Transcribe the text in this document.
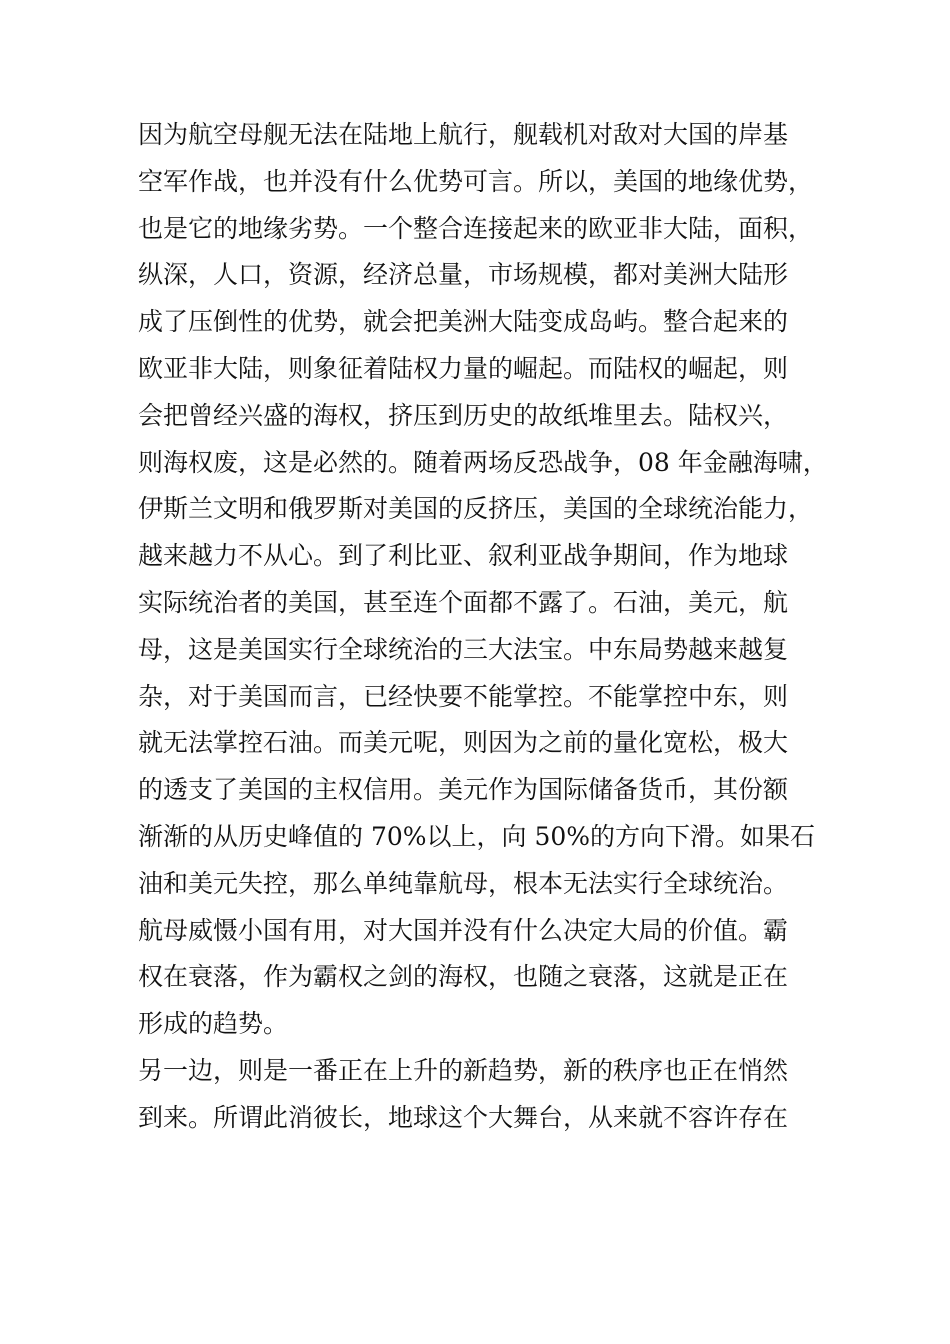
因为航空母舰无法在陆地上航行，舰载机对敌对大国的岸基

空军作战，也并没有什么优势可言。所以，美国的地缘优势，

也是它的地缘劣势。一个整合连接起来的欧亚非大陆，面积，

纵深，人口，资源，经济总量，市场规模，都对美洲大陆形

成了压倒性的优势，就会把美洲大陆变成岛屿。整合起来的

欧亚非大陆，则象征着陆权力量的崛起。而陆权的崛起，则

会把曾经兴盛的海权，挤压到历史的故纸堆里去。陆权兴，

则海权废，这是必然的。随着两场反恐战争，08 年金融海啸，

伊斯兰文明和俄罗斯对美国的反挤压，美国的全球统治能力，

越来越力不从心。到了利比亚、叙利亚战争期间，作为地球

实际统治者的美国，甚至连个面都不露了。石油，美元，航

母，这是美国实行全球统治的三大法宝。中东局势越来越复

杂，对于美国而言，已经快要不能掌控。不能掌控中东，则

就无法掌控石油。而美元呢，则因为之前的量化宽松，极大

的透支了美国的主权信用。美元作为国际储备货币，其份额

渐渐的从历史峰值的 70%以上，向 50%的方向下滑。如果石

油和美元失控，那么单纯靠航母，根本无法实行全球统治。

航母威慑小国有用，对大国并没有什么决定大局的价值。霸

权在衰落，作为霸权之剑的海权，也随之衰落，这就是正在

形成的趋势。

另一边，则是一番正在上升的新趋势，新的秩序也正在悄然

到来。所谓此消彼长，地球这个大舞台，从来就不容许存在
